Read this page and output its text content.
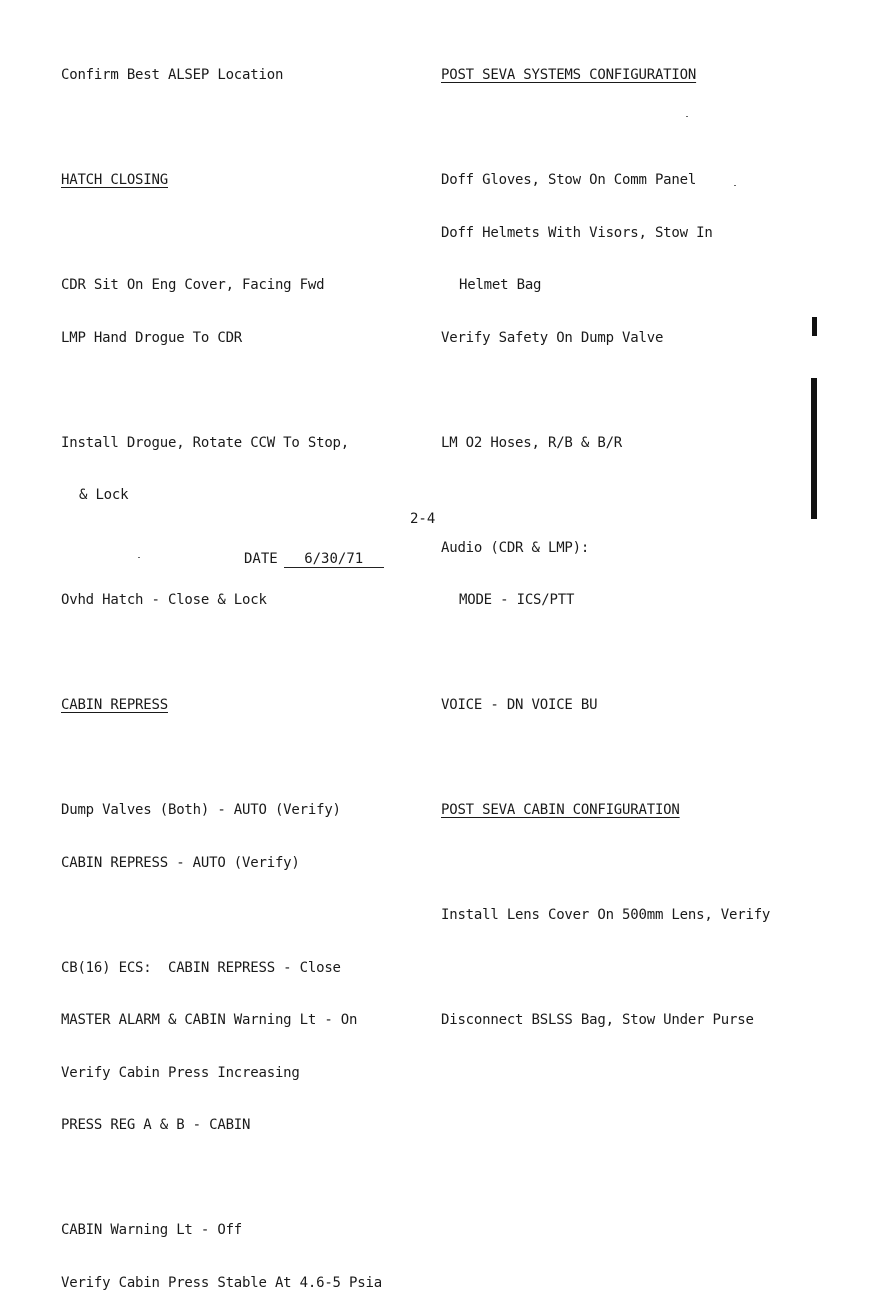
Confirm Best ALSEP Location

HATCH CLOSING

CDR Sit On Eng Cover, Facing Fwd

LMP Hand Drogue To CDR

Install Drogue, Rotate CCW To Stop,

& Lock

Ovhd Hatch - Close & Lock

CABIN REPRESS

Dump Valves (Both) - AUTO (Verify)

CABIN REPRESS - AUTO (Verify)

CB(16) ECS:  CABIN REPRESS - Close

MASTER ALARM & CABIN Warning Lt - On

Verify Cabin Press Increasing

PRESS REG A & B - CABIN

CABIN Warning Lt - Off

Verify Cabin Press Stable At 4.6-5 Psia

POST SEVA SYSTEMS CONFIGURATION

Doff Gloves, Stow On Comm Panel

Doff Helmets With Visors, Stow In

Helmet Bag

Verify Safety On Dump Valve

LM O2 Hoses, R/B & B/R

Audio (CDR & LMP):

MODE - ICS/PTT

VOICE - DN VOICE BU

POST SEVA CABIN CONFIGURATION

Install Lens Cover On 500mm Lens, Verify

Disconnect BSLSS Bag, Stow Under Purse

2-4
DATE 6/30/71
